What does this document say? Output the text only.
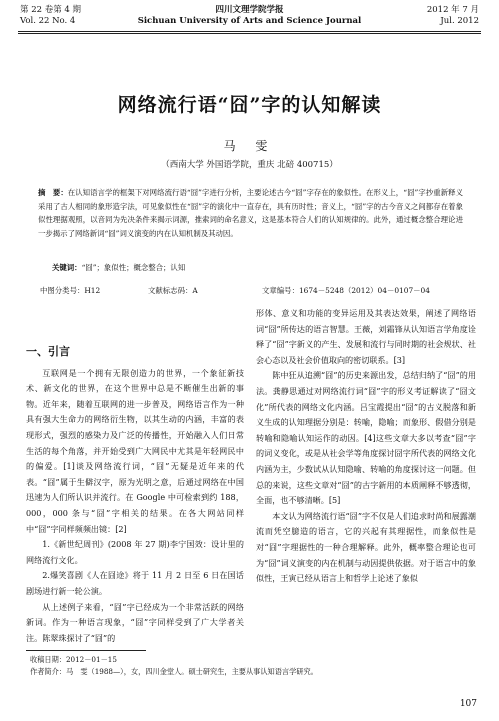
第 22 卷第 4 期
Vol. 22 No. 4
四川文理学院学报
Sichuan University of Arts and Science Journal
2012 年 7 月
Jul. 2012
网络流行语“囧”字的认知解读
马 雯
（西南大学 外国语学院，重庆 北碚 400715）
摘　要：在认知语言学的框架下对网络流行语“囧”字进行分析，主要论述古今“囧”字存在的象似性。在形义上，“囧”字抄重新释义采用了古人相同的象形造字法，可见象似性在“囧”字的演化中一直存在，具有历时性；音义上，“囧”字的古今音义之间都存在着象似性理据观照，以音同为先决条件来揭示词源，推索词的命名意义，这是基本符合人们的认知规律的。此外，通过概念整合理论进一步揭示了网络新词“囧”词义演变的内在认知机制及其动因。
关键词：“囧”；象似性；概念整合；认知
中图分类号：H12	文献标志码：A	文章编号：1674－5248（2012）04－0107－04
一、引言

互联网是一个拥有无限创造力的世界，一个象征新技术、新文化的世界，在这个世界中总是不断催生出新的事物。近年来，随着互联网的进一步普及，网络语言作为一种具有强大生命力的网络衍生物，以其生动的内涵，丰富的表现形式，强烈的感染力及广泛的传播性，开始融入人们日常生活的每个角落，并开始受到广大网民中尤其是年轻网民中的偏爱。[1]谈及网络流行词，“囧”无疑是近年来的代表。“囧”属于生僻汉字，原为光明之意，后通过网络在中国迅速为人们所认识并流行。在 Google 中可检索到约 188，000，000 条与“囧”字相关的结果。在各大网站同样中“囧”字同样频频出镜：[2]

1.《新世纪周刊》(2008 年 27 期)李宁国效：设计里的网络流行文化。

2.爆笑喜剧《人在囧途》将于 11 月 2 日至 6 日在国话剧场进行新一轮公演。

从上述例子来看，“囧”字已经成为一个非常活跃的网络新词。作为一种语言现象，“囧”字同样受到了广大学者关注。陈翠珠探讨了“囧”的

形体、意义和功能的变异运用及其表达效果，阐述了网络语词“囧”所传达的语言智慧。王薇，刘霜锋从认知语言学角度诠释了“囧”字新义的产生、发展和流行与同时期的社会规状、社会心态以及社会价值取向的密切联系。[3]

陈中狂从追溯“囧”的历史来源出发，总结归纳了“囧”的用法。龚静思通过对网络流行词“囧”字的形义考证解读了“囧文化”所代表的网络文化内涵。吕宝霞提出“囧”的古义脱落和新义生成的认知理据分别是：转喻，隐喻；而象形、假借分别是转喻和隐喻认知运作的动因。[4]这些文章大多以考查“囧”字的词义变化，或是从社会学等角度探讨囧字所代表的网络文化内涵为主，少数试从认知隐喻、转喻的角度探讨这一问题。但总的来说，这些文章对“囧”的古字新用的本质阐释不够透彻，全面，也不够清晰。[5]

本文认为网络流行语“囧”字不仅是人们追求时尚和展露潮流而凭空臆造的语言，它的兴起有其理据性，而象似性是对“囧”字理据性的一种合理解释。此外，概率整合理论也可为“囧”词义演变的内在机制与动因提供依据。对于语言中的象似性，王寅已经从语言上和哲学上论述了象似

收稿日期：2012－01－15
作者简介：马　雯（1988—），女，四川金堂人。硕士研究生，主要从事认知语言学研究。
107
